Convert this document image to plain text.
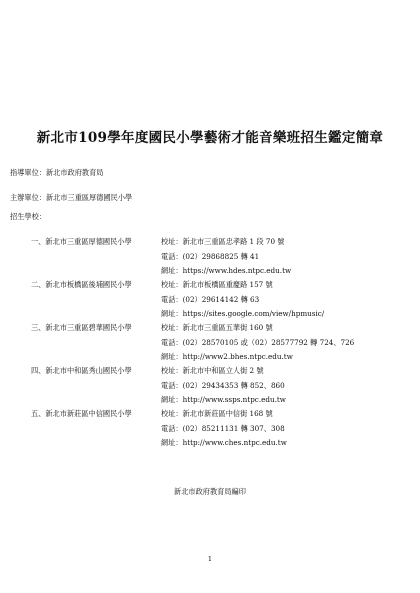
新北市109學年度國民小學藝術才能音樂班招生鑑定簡章
指導單位：新北市政府教育局
主辦單位：新北市三重區厚德國民小學
招生學校：
一、新北市三重區厚德國民小學	校址：新北市三重區忠孝路 1 段 70 號
電話：(02）29868825 轉 41
網址：https://www.hdes.ntpc.edu.tw
二、新北市板橋區後埔國民小學	校址：新北市板橋區重慶路 157 號
電話：(02）29614142 轉 63
網址：https://sites.google.com/view/hpmusic/
三、新北市三重區碧華國民小學	校址：新北市三重區五華街 160 號
電話：(02）28570105 或（02）28577792 轉 724、726
網址：http://www2.bhes.ntpc.edu.tw
四、新北市中和區秀山國民小學	校址：新北市中和區立人街 2 號
電話：(02）29434353 轉 852、860
網址：http://www.ssps.ntpc.edu.tw
五、新北市新莊區中信國民小學	校址：新北市新莊區中信街 168 號
電話：(02）85211131 轉 307、308
網址：http://www.ches.ntpc.edu.tw
新北市政府教育局編印
1
